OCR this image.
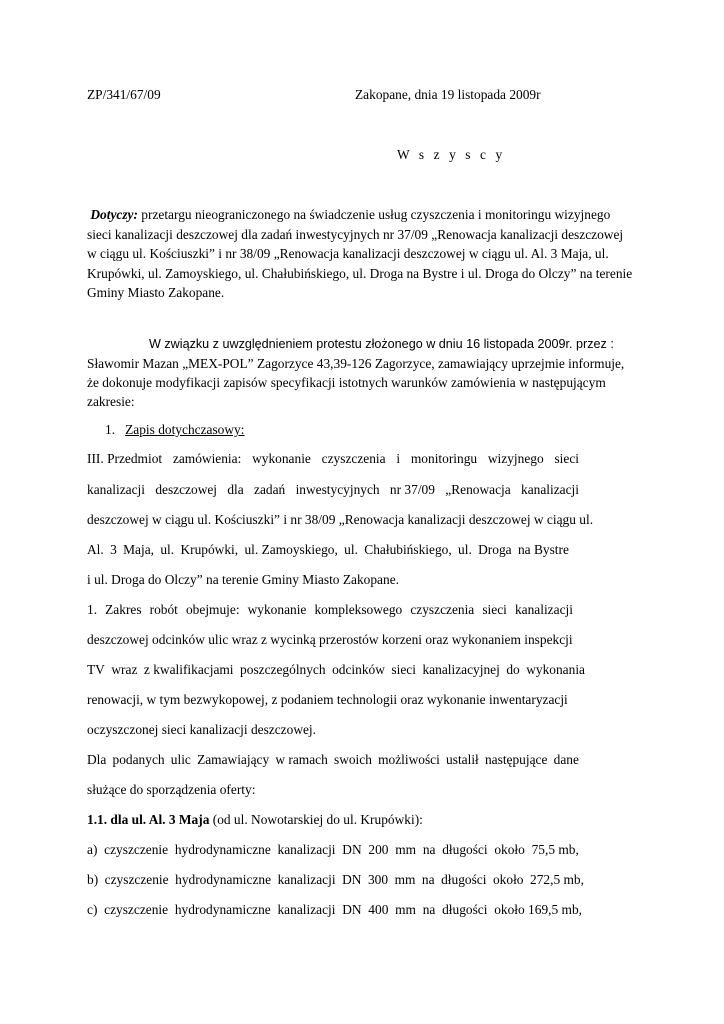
ZP/341/67/09	Zakopane, dnia 19 listopada 2009r
W s z y s c y
Dotyczy: przetargu nieograniczonego na świadczenie usług czyszczenia i monitoringu wizyjnego
sieci kanalizacji deszczowej dla zadań inwestycyjnych nr 37/09 „Renowacja kanalizacji deszczowej
w ciągu ul. Kościuszki” i nr 38/09 „Renowacja kanalizacji deszczowej w ciągu ul. Al. 3 Maja, ul.
Krupówki, ul. Zamoyskiego, ul. Chałubińskiego, ul. Droga na Bystre i ul. Droga do Olczy” na terenie
Gminy Miasto Zakopane.
W związku z uwzględnieniem protestu złożonego w dniu 16 listopada 2009r. przez :
Sławomir Mazan „MEX-POL” Zagorzyce 43,39-126 Zagorzyce, zamawiający uprzejmie informuje,
że dokonuje modyfikacji zapisów specyfikacji istotnych warunków zamówienia w następującym
zakresie:
1. Zapis dotychczasowy:
III. Przedmiot zamówienia: wykonanie czyszczenia i monitoringu wizyjnego sieci
kanalizacji deszczowej dla zadań inwestycyjnych nr 37/09 „Renowacja kanalizacji
deszczowej w ciągu ul. Kościuszki” i nr 38/09 „Renowacja kanalizacji deszczowej w ciągu ul.
Al. 3 Maja, ul. Krupówki, ul. Zamoyskiego, ul. Chałubińskiego, ul. Droga na Bystre
i ul. Droga do Olczy” na terenie Gminy Miasto Zakopane.
1. Zakres robót obejmuje: wykonanie kompleksowego czyszczenia sieci kanalizacji
deszczowej odcinków ulic wraz z wycinką przerostów korzeni oraz wykonaniem inspekcji
TV wraz z kwalifikacjami poszczególnych odcinków sieci kanalizacyjnej do wykonania
renowacji, w tym bezwykopowej, z podaniem technologii oraz wykonanie inwentaryzacji
oczyszczonej sieci kanalizacji deszczowej.
Dla podanych ulic Zamawiający w ramach swoich możliwości ustalił następujące dane
służące do sporządzenia oferty:
1.1. dla ul. Al. 3 Maja (od ul. Nowotarskiej do ul. Krupówki):
a) czyszczenie hydrodynamiczne kanalizacji DN 200 mm na długości około 75,5 mb,
b) czyszczenie hydrodynamiczne kanalizacji DN 300 mm na długości około 272,5 mb,
c) czyszczenie hydrodynamiczne kanalizacji DN 400 mm na długości około 169,5 mb,
